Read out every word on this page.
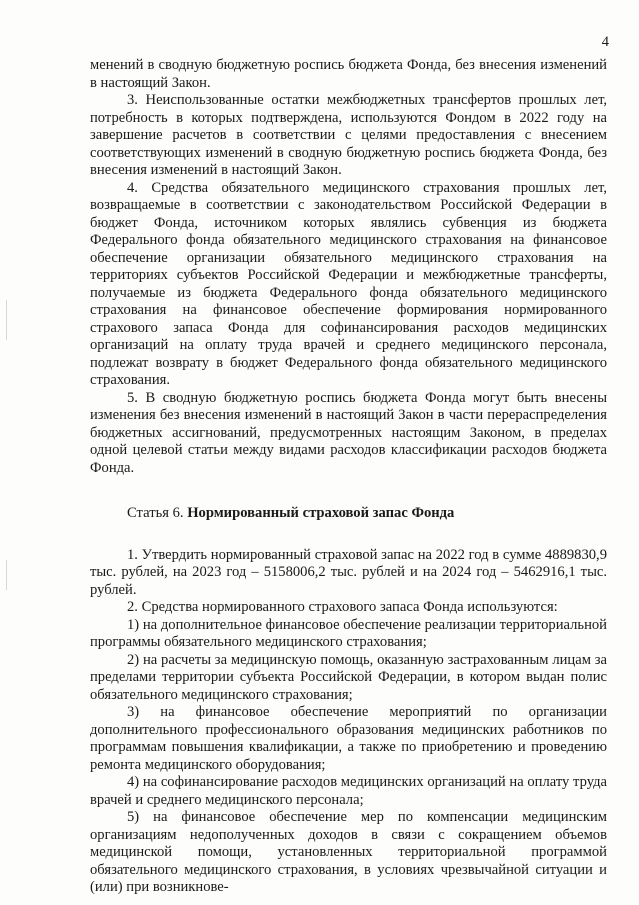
4

менений в сводную бюджетную роспись бюджета Фонда, без внесения изменений в настоящий Закон.

3. Неиспользованные остатки межбюджетных трансфертов прошлых лет, потребность в которых подтверждена, используются Фондом в 2022 году на завершение расчетов в соответствии с целями предоставления с внесением соответствующих изменений в сводную бюджетную роспись бюджета Фонда, без внесения изменений в настоящий Закон.

4. Средства обязательного медицинского страхования прошлых лет, возвращаемые в соответствии с законодательством Российской Федерации в бюджет Фонда, источником которых являлись субвенция из бюджета Федерального фонда обязательного медицинского страхования на финансовое обеспечение организации обязательного медицинского страхования на территориях субъектов Российской Федерации и межбюджетные трансферты, получаемые из бюджета Федерального фонда обязательного медицинского страхования на финансовое обеспечение формирования нормированного страхового запаса Фонда для софинансирования расходов медицинских организаций на оплату труда врачей и среднего медицинского персонала, подлежат возврату в бюджет Федерального фонда обязательного медицинского страхования.

5. В сводную бюджетную роспись бюджета Фонда могут быть внесены изменения без внесения изменений в настоящий Закон в части перераспределения бюджетных ассигнований, предусмотренных настоящим Законом, в пределах одной целевой статьи между видами расходов классификации расходов бюджета Фонда.

Статья 6. Нормированный страховой запас Фонда

1. Утвердить нормированный страховой запас на 2022 год в сумме 4889830,9 тыс. рублей, на 2023 год – 5158006,2 тыс. рублей и на 2024 год – 5462916,1 тыс. рублей.

2. Средства нормированного страхового запаса Фонда используются:

1) на дополнительное финансовое обеспечение реализации территориальной программы обязательного медицинского страхования;

2) на расчеты за медицинскую помощь, оказанную застрахованным лицам за пределами территории субъекта Российской Федерации, в котором выдан полис обязательного медицинского страхования;

3) на финансовое обеспечение мероприятий по организации дополнительного профессионального образования медицинских работников по программам повышения квалификации, а также по приобретению и проведению ремонта медицинского оборудования;

4) на софинансирование расходов медицинских организаций на оплату труда врачей и среднего медицинского персонала;

5) на финансовое обеспечение мер по компенсации медицинским организациям недополученных доходов в связи с сокращением объемов медицинской помощи, установленных территориальной программой обязательного медицинского страхования, в условиях чрезвычайной ситуации и (или) при возникнове-
